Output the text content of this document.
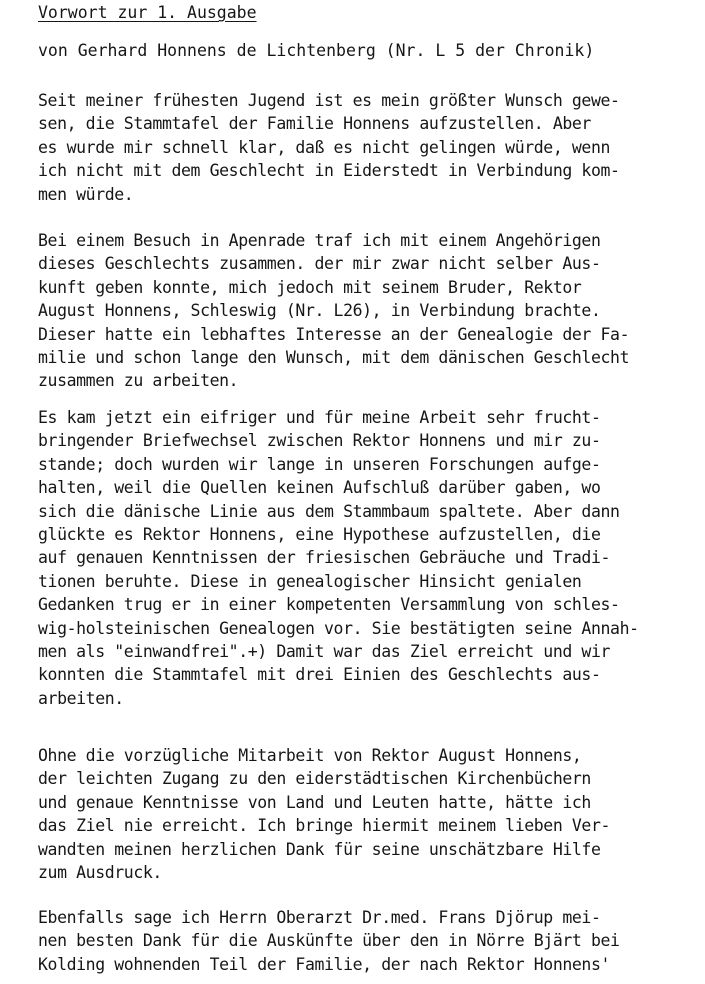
Vorwort zur 1. Ausgabe
von Gerhard Honnens de Lichtenberg (Nr. L 5 der Chronik)
Seit meiner frühesten Jugend ist es mein größter Wunsch gewe-
sen, die Stammtafel der Familie Honnens aufzustellen. Aber
es wurde mir schnell klar, daß es nicht gelingen würde, wenn
ich nicht mit dem Geschlecht in Eiderstedt in Verbindung kom-
men würde.
Bei einem Besuch in Apenrade traf ich mit einem Angehörigen
dieses Geschlechts zusammen. der mir zwar nicht selber Aus-
kunft geben konnte, mich jedoch mit seinem Bruder, Rektor
August Honnens, Schleswig (Nr. L26), in Verbindung brachte.
Dieser hatte ein lebhaftes Interesse an der Genealogie der Fa-
milie und schon lange den Wunsch, mit dem dänischen Geschlecht
zusammen zu arbeiten.
Es kam jetzt ein eifriger und für meine Arbeit sehr frucht-
bringender Briefwechsel zwischen Rektor Honnens und mir zu-
stande; doch wurden wir lange in unseren Forschungen aufge-
halten, weil die Quellen keinen Aufschluß darüber gaben, wo
sich die dänische Linie aus dem Stammbaum spaltete. Aber dann
glückte es Rektor Honnens, eine Hypothese aufzustellen, die
auf genauen Kenntnissen der friesischen Gebräuche und Tradi-
tionen beruhte. Diese in genealogischer Hinsicht genialen
Gedanken trug er in einer kompetenten Versammlung von schles-
wig-holsteinischen Genealogen vor. Sie bestätigten seine Annah-
men als "einwandfrei".+) Damit war das Ziel erreicht und wir
konnten die Stammtafel mit drei Einien des Geschlechts aus-
arbeiten.
Ohne die vorzügliche Mitarbeit von Rektor August Honnens,
der leichten Zugang zu den eiderstädtischen Kirchenbüchern
und genaue Kenntnisse von Land und Leuten hatte, hätte ich
das Ziel nie erreicht. Ich bringe hiermit meinem lieben Ver-
wandten meinen herzlichen Dank für seine unschätzbare Hilfe
zum Ausdruck.
Ebenfalls sage ich Herrn Oberarzt Dr.med. Frans Djörup mei-
nen besten Dank für die Auskünfte über den in Nörre Bjärt bei
Kolding wohnenden Teil der Familie, der nach Rektor Honnens'
